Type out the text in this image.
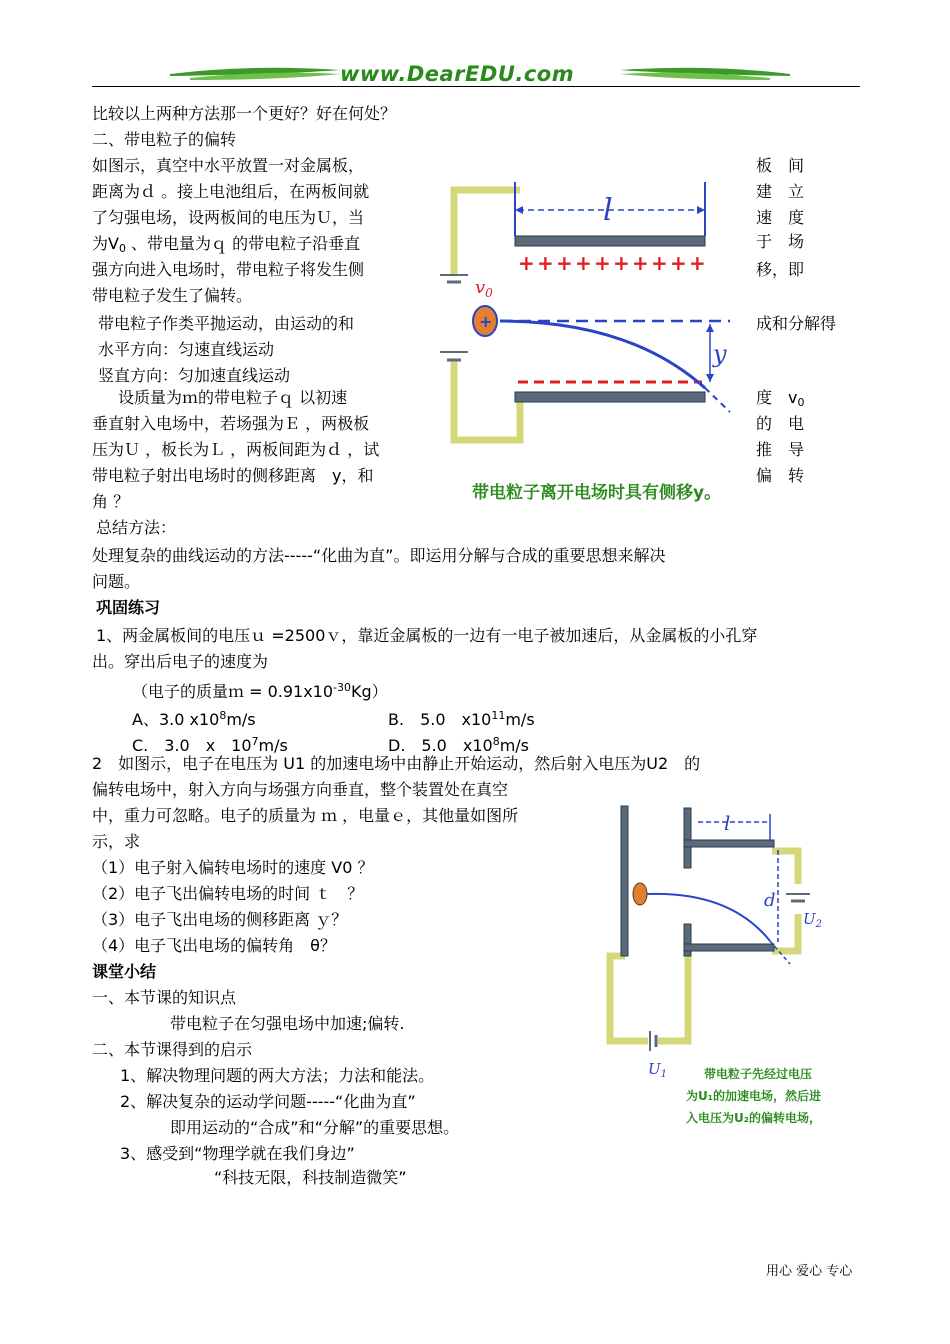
www.DearEDU.com
比较以上两种方法那一个更好？好在何处？
二、带电粒子的偏转
如图示，真空中水平放置一对金属板，
距离为ｄ 。接上电池组后，在两板间就
了匀强电场，设两板间的电压为Ｕ，当
为$V_0$ 、带电量为ｑ 的带电粒子沿垂直
强方向进入电场时，带电粒子将发生侧
带电粒子发生了偏转。
带电粒子作类平抛运动，由运动的和
水平方向：匀速直线运动
竖直方向：匀加速直线运动
设质量为ｍ的带电粒子ｑ 以初速
垂直射入电场中，若场强为Ｅ ，两极板
压为Ｕ ，板长为Ｌ ，两板间距为ｄ ，试
带电粒子射出电场时的侧移距离　y，和
角 ？
板　间
建　立
速　度
于　场
移，即
成和分解得
度　$v_0$
的　电
推　导
偏　转
l
+ + + + + + + + + +
+
$v_0$
y
带电粒子离开电场时具有侧移y。
总结方法：
处理复杂的曲线运动的方法-----“化曲为直”。即运用分解与合成的重要思想来解决
问题。
巩固练习
1、两金属板间的电压ｕ =2500ｖ，靠近金属板的一边有一电子被加速后，从金属板的小孔穿
出。穿出后电子的速度为
（电子的质量ｍ = $0.91x10^{-30}Kg$）
A、3.0 $x10^8m/s$	B.　5.0　$x10^{11}m/s$
C.　3.0　x　$10^7m/s$	D.　5.0　$x10^8m/s$
2　如图示，电子在电压为 U1 的加速电场中由静止开始运动，然后射入电压为U2　的
偏转电场中，射入方向与场强方向垂直，整个装置处在真空
中，重力可忽略。电子的质量为 ｍ ，电量ｅ，其他量如图所
示，求
（1）电子射入偏转电场时的速度 V0 ？
（2）电子飞出偏转电场的时间 ｔ　？
（3）电子飞出电场的侧移距离 ｙ？
（4）电子飞出电场的偏转角　θ？
课堂小结
一、本节课的知识点
带电粒子在匀强电场中加速;偏转.
二、本节课得到的启示
1、解决物理问题的两大方法；力法和能法。
2、解决复杂的运动学问题-----“化曲为直”
即用运动的“合成”和“分解”的重要思想。
3、感受到“物理学就在我们身边”
“科技无限，科技制造微笑”
l
d
$U_2$
$U_1$	带电粒子先经过电压
为U₁的加速电场，然后进
入电压为U₂的偏转电场，
用心 爱心 专心
